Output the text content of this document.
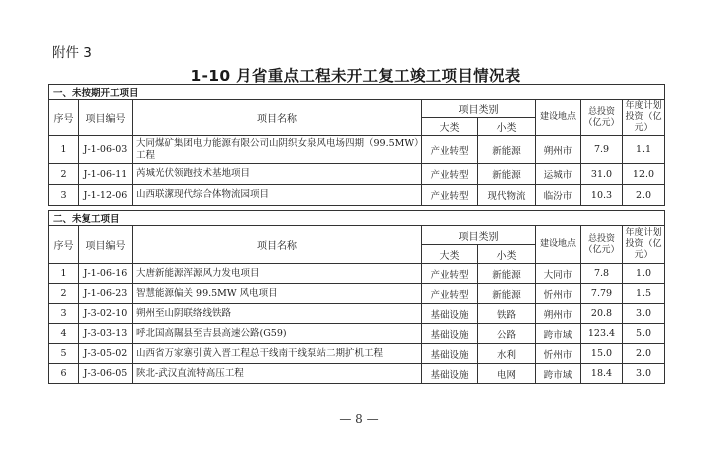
附件 3
1-10 月省重点工程未开工复工竣工项目情况表
一、未按期开工项目							
序号	项目编号	项目名称	项目类别		建设地点	总投资（亿元）	年度计划投资（亿元）
			大类	小类			
1	J-1-06-03	大同煤矿集团电力能源有限公司山阴织女泉风电场四期（99.5MW）工程	产业转型	新能源	朔州市	7.9	1.1
2	J-1-06-11	芮城光伏领跑技术基地项目	产业转型	新能源	运城市	31.0	12.0
3	J-1-12-06	山西联潔现代综合体物流园项目	产业转型	现代物流	临汾市	10.3	2.0
二、未复工项目							
序号	项目编号	项目名称	项目类别		建设地点	总投资（亿元）	年度计划投资（亿元）
			大类	小类			
1	J-1-06-16	大唐新能源浑源风力发电项目	产业转型	新能源	大同市	7.8	1.0
2	J-1-06-23	智慧能源偏关 99.5MW 风电项目	产业转型	新能源	忻州市	7.79	1.5
3	J-3-02-10	朔州至山阴联络线铁路	基础设施	铁路	朔州市	20.8	3.0
4	J-3-03-13	呼北国高隰县至吉县高速公路(G59)	基础设施	公路	跨市域	123.4	5.0
5	J-3-05-02	山西省万家寨引黄入晋工程总干线南干线泵站二期扩机工程	基础设施	水利	忻州市	15.0	2.0
6	J-3-06-05	陕北-武汉直流特高压工程	基础设施	电网	跨市域	18.4	3.0
— 8 —
